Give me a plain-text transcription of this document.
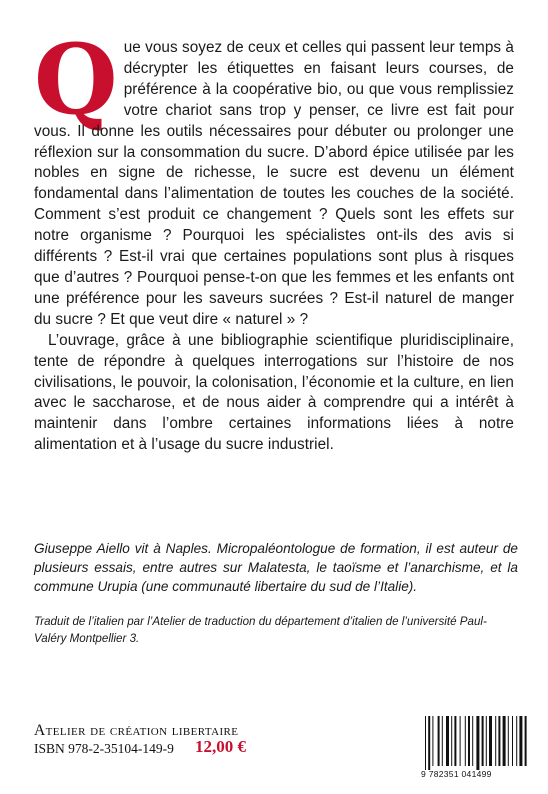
Que vous soyez de ceux et celles qui passent leur temps à décrypter les étiquettes en faisant leurs courses, de préférence à la coopérative bio, ou que vous remplissiez votre chariot sans trop y penser, ce livre est fait pour vous. Il donne les outils nécessaires pour débuter ou prolonger une réflexion sur la consommation du sucre. D’abord épice utilisée par les nobles en signe de richesse, le sucre est devenu un élément fondamental dans l’alimentation de toutes les couches de la société. Comment s’est produit ce changement ? Quels sont les effets sur notre organisme ? Pourquoi les spécialistes ont-ils des avis si différents ? Est-il vrai que certaines populations sont plus à risques que d’autres ? Pourquoi pense-t-on que les femmes et les enfants ont une préférence pour les saveurs sucrées ? Est-il naturel de manger du sucre ? Et que veut dire « naturel » ?

L’ouvrage, grâce à une bibliographie scientifique pluridisciplinaire, tente de répondre à quelques interrogations sur l’histoire de nos civilisations, le pouvoir, la colonisation, l’économie et la culture, en lien avec le saccharose, et de nous aider à comprendre qui a intérêt à maintenir dans l’ombre certaines informations liées à notre alimentation et à l’usage du sucre industriel.

Giuseppe Aiello vit à Naples. Micropaléontologue de formation, il est auteur de plusieurs essais, entre autres sur Malatesta, le taoïsme et l’anarchisme, et la commune Urupia (une communauté libertaire du sud de l’Italie).
Traduit de l’italien par l’Atelier de traduction du département d’italien de l’université Paul-Valéry Montpellier 3.
Atelier de création libertaire
ISBN 978-2-35104-149-9 12,00 €
9 782351 041499
